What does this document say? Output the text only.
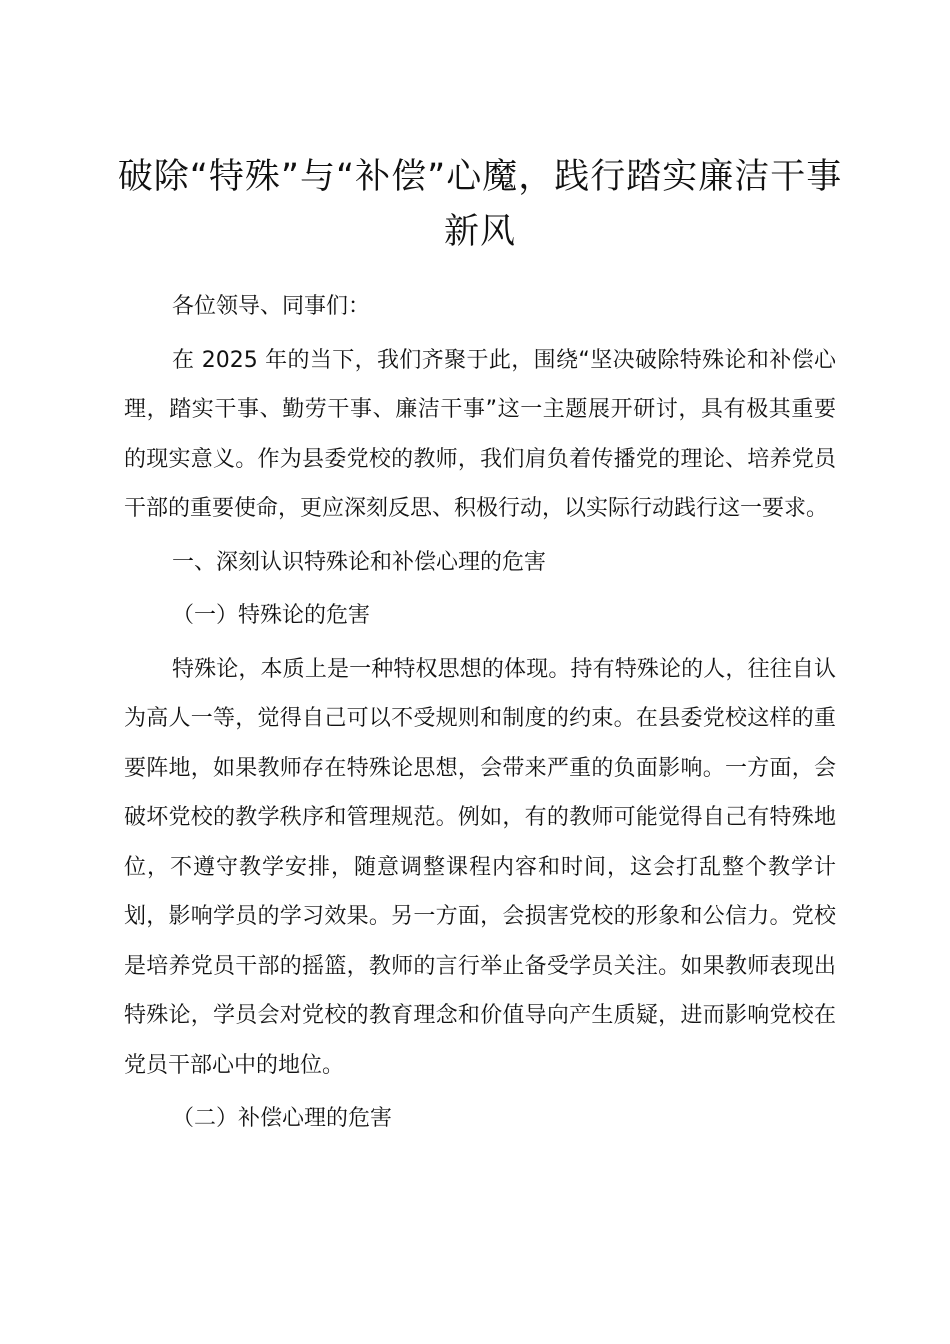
破除“特殊”与“补偿”心魔，践行踏实廉洁干事新风

各位领导、同事们：

在 2025 年的当下，我们齐聚于此，围绕“坚决破除特殊论和补偿心理，踏实干事、勤劳干事、廉洁干事”这一主题展开研讨，具有极其重要的现实意义。作为县委党校的教师，我们肩负着传播党的理论、培养党员干部的重要使命，更应深刻反思、积极行动，以实际行动践行这一要求。

一、深刻认识特殊论和补偿心理的危害

（一）特殊论的危害

特殊论，本质上是一种特权思想的体现。持有特殊论的人，往往自认为高人一等，觉得自己可以不受规则和制度的约束。在县委党校这样的重要阵地，如果教师存在特殊论思想，会带来严重的负面影响。一方面，会破坏党校的教学秩序和管理规范。例如，有的教师可能觉得自己有特殊地位，不遵守教学安排，随意调整课程内容和时间，这会打乱整个教学计划，影响学员的学习效果。另一方面，会损害党校的形象和公信力。党校是培养党员干部的摇篮，教师的言行举止备受学员关注。如果教师表现出特殊论，学员会对党校的教育理念和价值导向产生质疑，进而影响党校在党员干部心中的地位。

（二）补偿心理的危害
